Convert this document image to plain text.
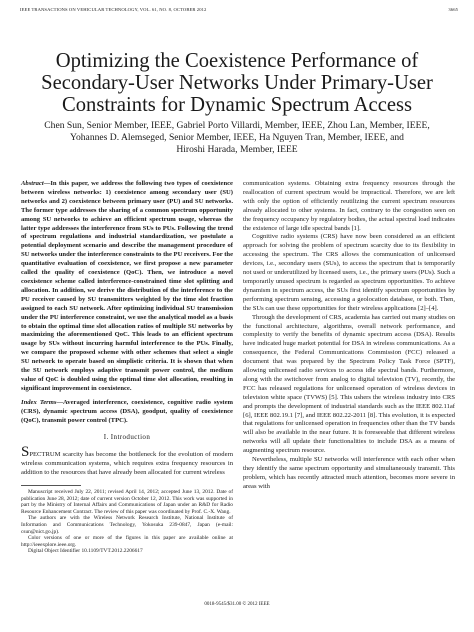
IEEE TRANSACTIONS ON VEHICULAR TECHNOLOGY, VOL. 61, NO. 8, OCTOBER 2012	3665
Optimizing the Coexistence Performance of
Secondary-User Networks Under Primary-User
Constraints for Dynamic Spectrum Access
Chen Sun, Senior Member, IEEE, Gabriel Porto Villardi, Member, IEEE, Zhou Lan, Member, IEEE,
Yohannes D. Alemseged, Senior Member, IEEE, Ha Nguyen Tran, Member, IEEE, and
Hiroshi Harada, Member, IEEE
Abstract—In this paper, we address the following two types of coexistence between wireless networks: 1) coexistence among secondary user (SU) networks and 2) coexistence between primary user (PU) and SU networks. The former type addresses the sharing of a common spectrum opportunity among SU networks to achieve an efficient spectrum usage, whereas the latter type addresses the interference from SUs to PUs. Following the trend of spectrum regulations and industrial standardization, we postulate a potential deployment scenario and describe the management procedure of SU networks under the interference constraints to the PU receivers. For the quantitative evaluation of coexistence, we first propose a new parameter called the quality of coexistence (QoC). Then, we introduce a novel coexistence scheme called interference-constrained time slot splitting and allocation. In addition, we derive the distribution of the interference to the PU receiver caused by SU transmitters weighted by the time slot fraction assigned to each SU network. After optimizing individual SU transmission under the PU interference constraint, we use the analytical model as a basis to obtain the optimal time slot allocation ratios of multiple SU networks by maximizing the aforementioned QoC. This leads to an efficient spectrum usage by SUs without incurring harmful interference to the PUs. Finally, we compare the proposed scheme with other schemes that select a single SU network to operate based on simplistic criteria. It is shown that when the SU network employs adaptive transmit power control, the medium value of QoC is doubled using the optimal time slot allocation, resulting in significant improvement in coexistence.
Index Terms—Averaged interference, coexistence, cognitive radio system (CRS), dynamic spectrum access (DSA), goodput, quality of coexistence (QoC), transmit power control (TPC).
I. Introduction

SPECTRUM scarcity has become the bottleneck for the evolution of modern wireless communication systems, which requires extra frequency resources in addition to the resources that have already been allocated for current wireless

Manuscript received July 22, 2011; revised April 14, 2012; accepted June 13, 2012. Date of publication June 28, 2012; date of current version October 12, 2012. This work was supported in part by the Ministry of Internal Affairs and Communications of Japan under an R&D for Radio Resource Enhancement Contract. The review of this paper was coordinated by Prof. C.-X. Wang.

The authors are with the Wireless Network Research Institute, National Institute of Information and Communications Technology, Yokosuka 239-0847, Japan (e-mail: csun@nict.go.jp).

Color versions of one or more of the figures in this paper are available online at http://ieeexplore.ieee.org.

Digital Object Identifier 10.1109/TVT.2012.2206617

communication systems. Obtaining extra frequency resources through the reallocation of current spectrum would be impractical. Therefore, we are left with only the option of efficiently reutilizing the current spectrum resources already allocated to other systems. In fact, contrary to the congestion seen on the frequency occupancy by regulatory bodies, the actual spectral load indicates the existence of large idle spectral bands [1].

Cognitive radio systems (CRS) have now been considered as an efficient approach for solving the problem of spectrum scarcity due to its flexibility in accessing the spectrum. The CRS allows the communication of unlicensed devices, i.e., secondary users (SUs), to access the spectrum that is temporarily not used or underutilized by licensed users, i.e., the primary users (PUs). Such a temporarily unused spectrum is regarded as spectrum opportunities. To achieve dynamism in spectrum access, the SUs first identify spectrum opportunities by performing spectrum sensing, accessing a geolocation database, or both. Then, the SUs can use these opportunities for their wireless applications [2]–[4].

Through the development of CRS, academia has carried out many studies on the functional architecture, algorithms, overall network performance, and complexity to verify the benefits of dynamic spectrum access (DSA). Results have indicated huge market potential for DSA in wireless communications. As a consequence, the Federal Communications Commission (FCC) released a document that was prepared by the Spectrum Policy Task Force (SPTF), allowing unlicensed radio services to access idle spectral bands. Furthermore, along with the switchover from analog to digital television (TV), recently, the FCC has released regulations for unlicensed operation of wireless devices in television white space (TVWS) [5]. This ushers the wireless industry into CRS and prompts the development of industrial standards such as the IEEE 802.11af [6], IEEE 802.19.1 [7], and IEEE 802.22-2011 [8]. This evolution, it is expected that regulations for unlicensed operation in frequencies other than the TV bands will also be available in the near future. It is foreseeable that different wireless networks will all update their functionalities to include DSA as a means of augmenting spectrum resource.

Nevertheless, multiple SU networks will interference with each other when they identify the same spectrum opportunity and simultaneously transmit. This problem, which has recently attracted much attention, becomes more severe in areas with

0018-9545/$31.00 © 2012 IEEE
